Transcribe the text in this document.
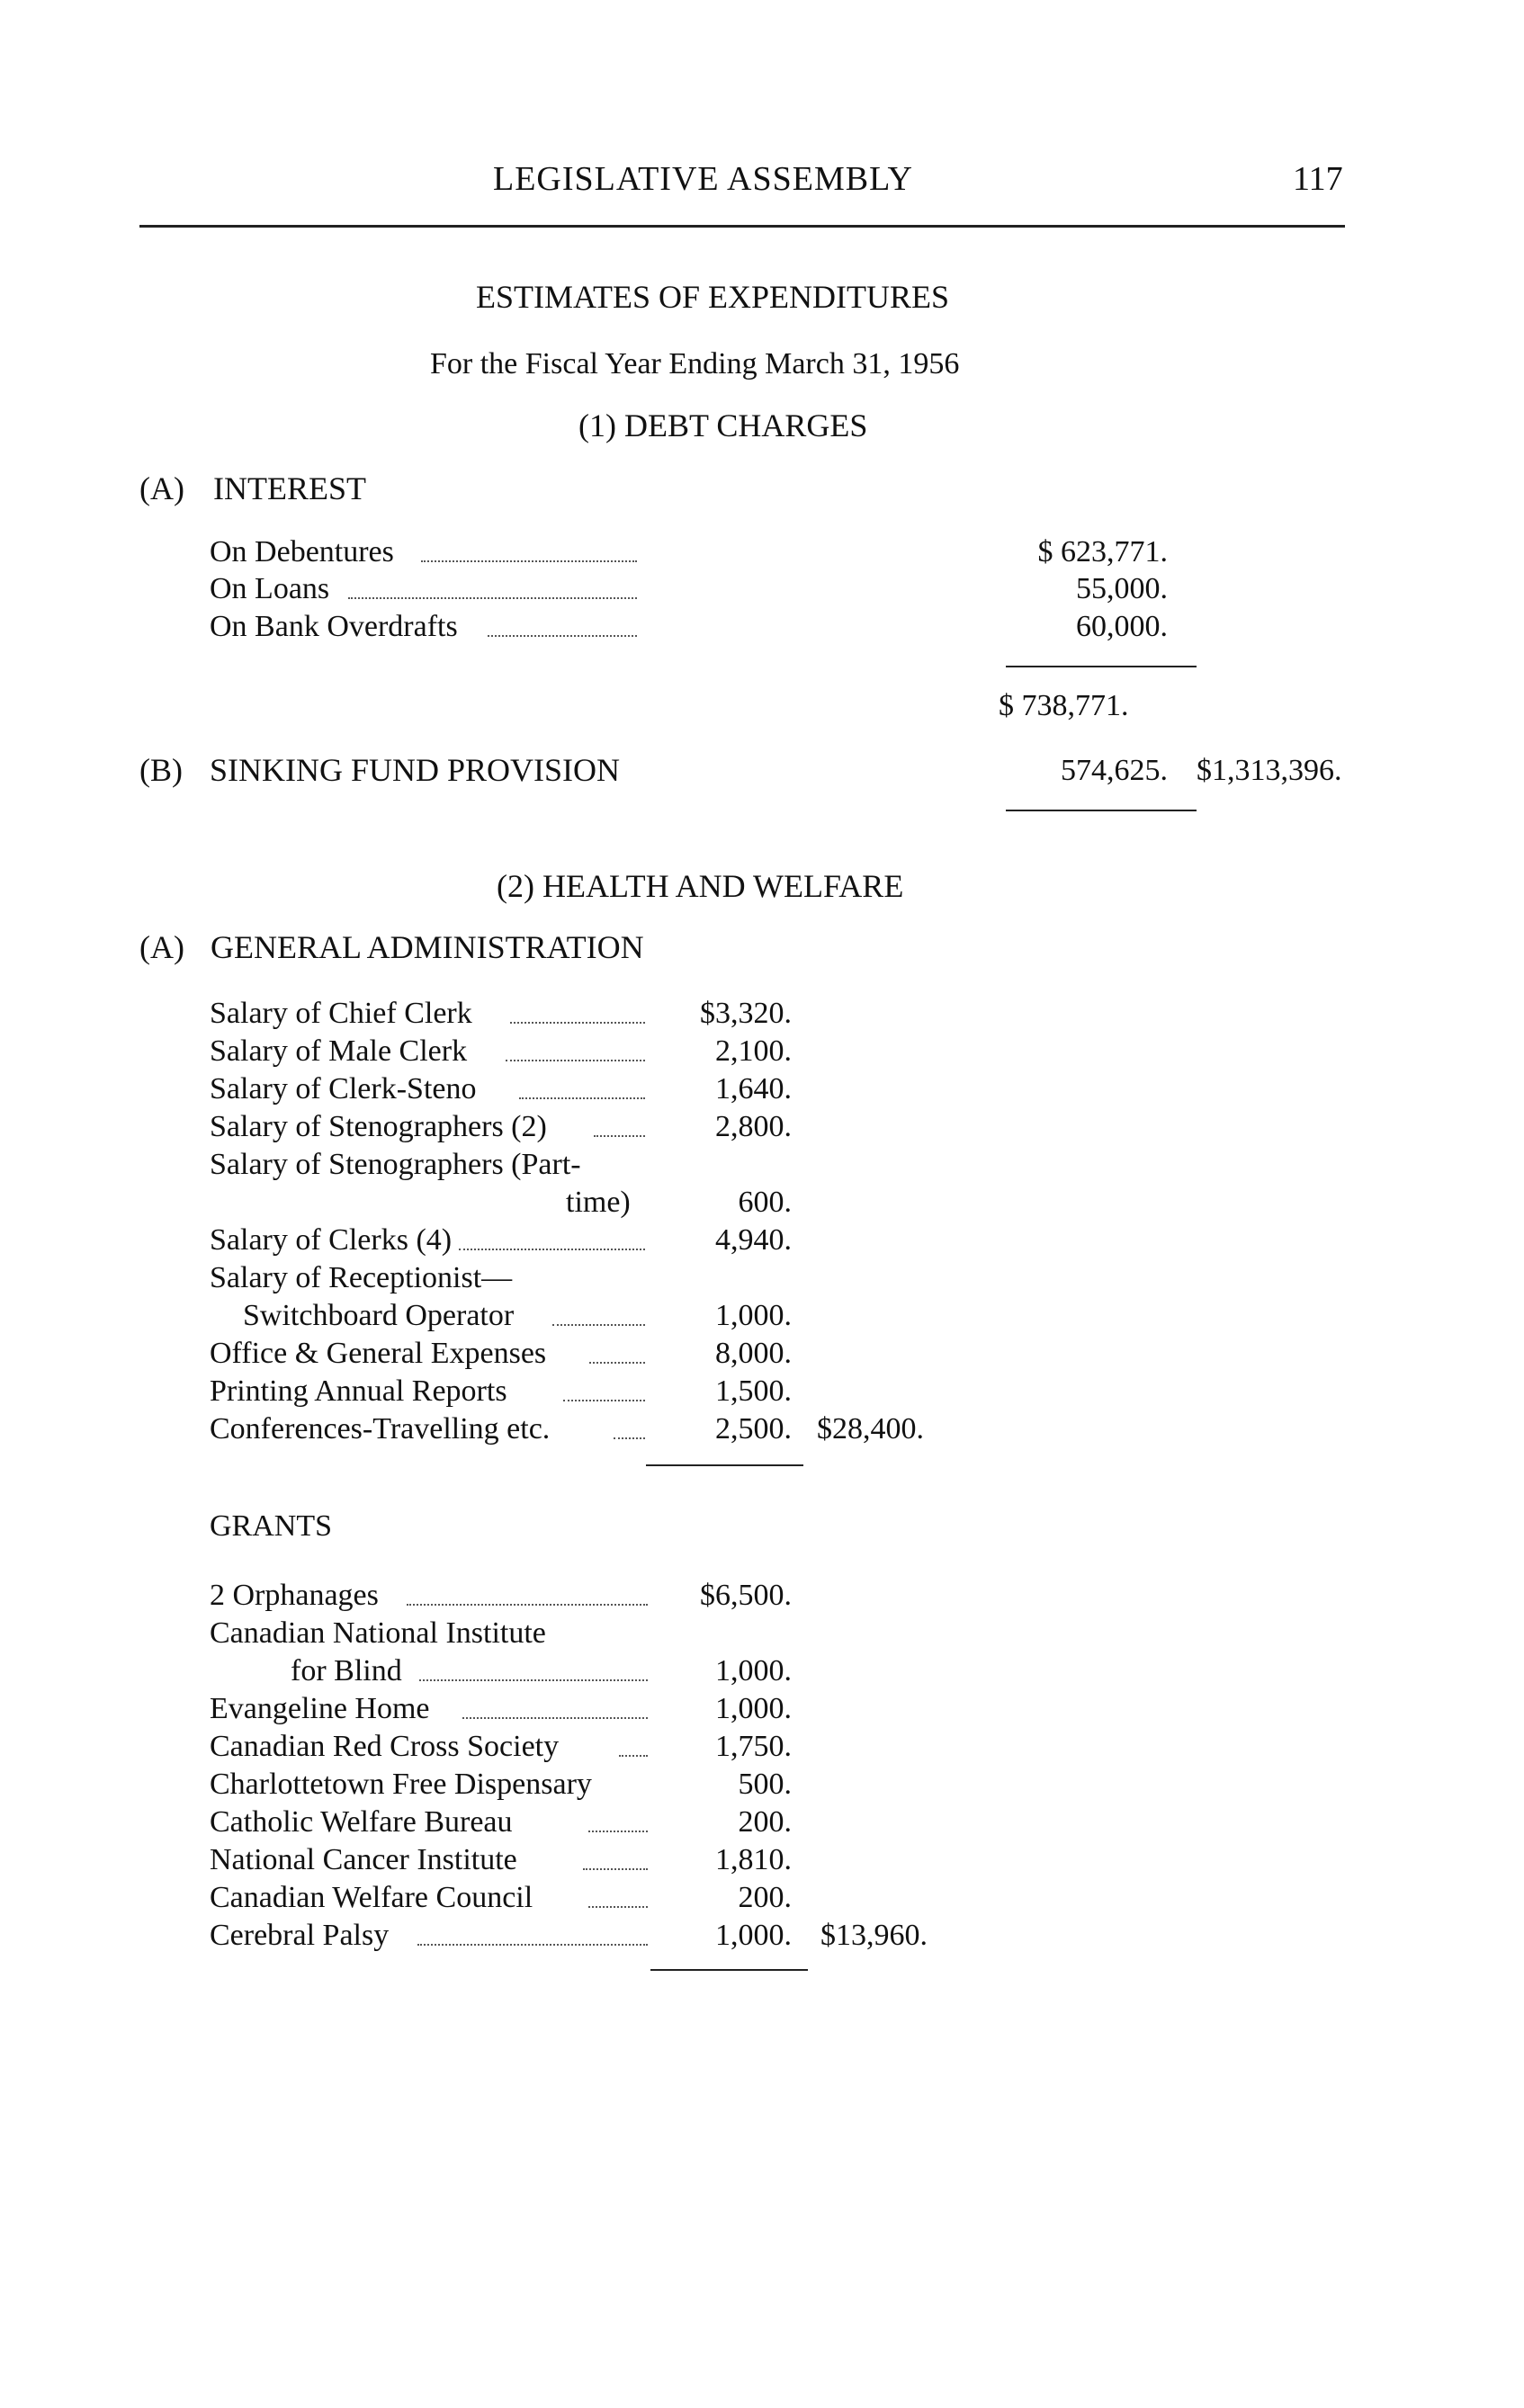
LEGISLATIVE ASSEMBLY	117
ESTIMATES OF EXPENDITURES
For the Fiscal Year Ending March 31, 1956
(1) DEBT CHARGES
(A) INTEREST
On Debentures	$ 623,771.
On Loans	55,000.
On Bank Overdrafts	60,000.
$ 738,771.
(B) SINKING FUND PROVISION	574,625. $1,313,396.
(2) HEALTH AND WELFARE
(A) GENERAL ADMINISTRATION
Salary of Chief Clerk	$3,320.
Salary of Male Clerk	2,100.
Salary of Clerk-Steno	1,640.
Salary of Stenographers (2)	2,800.
Salary of Stenographers (Part-
time)	600.
Salary of Clerks (4)	4,940.
Salary of Receptionist—
Switchboard Operator	1,000.
Office & General Expenses	8,000.
Printing Annual Reports	1,500.
Conferences-Travelling etc.	2,500. $28,400.
GRANTS
2 Orphanages	$6,500.
Canadian National Institute
for Blind	1,000.
Evangeline Home	1,000.
Canadian Red Cross Society	1,750.
Charlottetown Free Dispensary	500.
Catholic Welfare Bureau	200.
National Cancer Institute	1,810.
Canadian Welfare Council	200.
Cerebral Palsy	1,000. $13,960.
